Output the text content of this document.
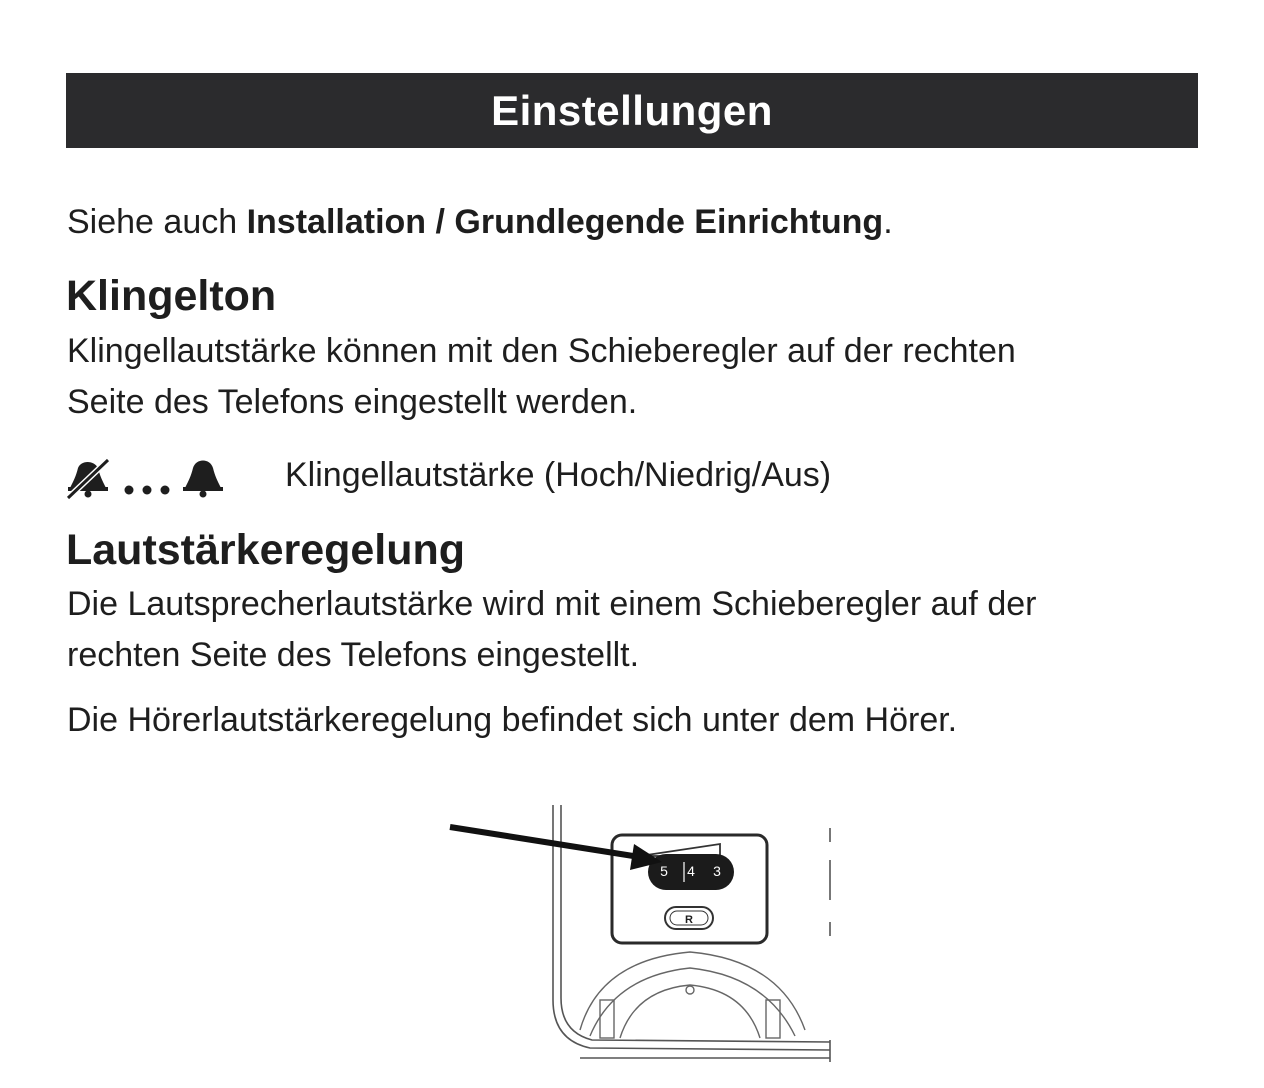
Einstellungen
Siehe auch Installation / Grundlegende Einrichtung.
Klingelton
Klingellautstärke können mit den Schieberegler auf der rechten
Seite des Telefons eingestellt werden.
Klingellautstärke (Hoch/Niedrig/Aus)
Lautstärkeregelung
Die Lautsprecherlautstärke wird mit einem Schieberegler auf der
rechten Seite des Telefons eingestellt.
Die Hörerlautstärkeregelung befindet sich unter dem Hörer.
5 4 3
R
